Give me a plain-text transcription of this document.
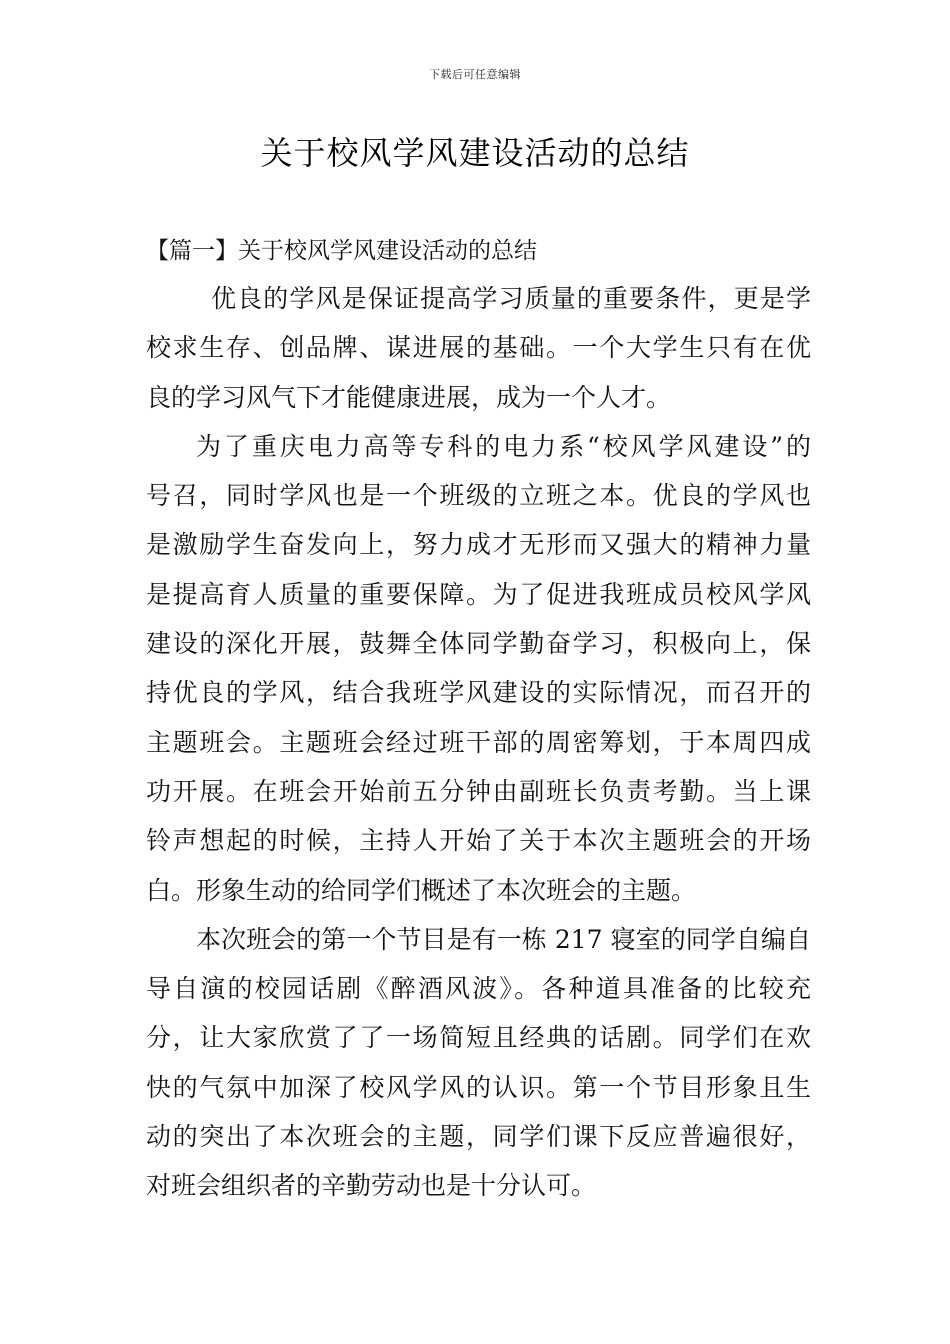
下载后可任意编辑
关于校风学风建设活动的总结
【篇一】关于校风学风建设活动的总结

优良的学风是保证提高学习质量的重要条件，更是学
校求生存、创品牌、谋进展的基础。一个大学生只有在优
良的学习风气下才能健康进展，成为一个人才。

为了重庆电力高等专科的电力系“校风学风建设”的
号召，同时学风也是一个班级的立班之本。优良的学风也
是激励学生奋发向上，努力成才无形而又强大的精神力量
是提高育人质量的重要保障。为了促进我班成员校风学风
建设的深化开展，鼓舞全体同学勤奋学习，积极向上，保
持优良的学风，结合我班学风建设的实际情况，而召开的
主题班会。主题班会经过班干部的周密筹划，于本周四成
功开展。在班会开始前五分钟由副班长负责考勤。当上课
铃声想起的时候，主持人开始了关于本次主题班会的开场
白。形象生动的给同学们概述了本次班会的主题。

本次班会的第一个节目是有一栋 217 寝室的同学自编自
导自演的校园话剧《醉酒风波》。各种道具准备的比较充
分，让大家欣赏了了一场简短且经典的话剧。同学们在欢
快的气氛中加深了校风学风的认识。第一个节目形象且生
动的突出了本次班会的主题，同学们课下反应普遍很好，
对班会组织者的辛勤劳动也是十分认可。
